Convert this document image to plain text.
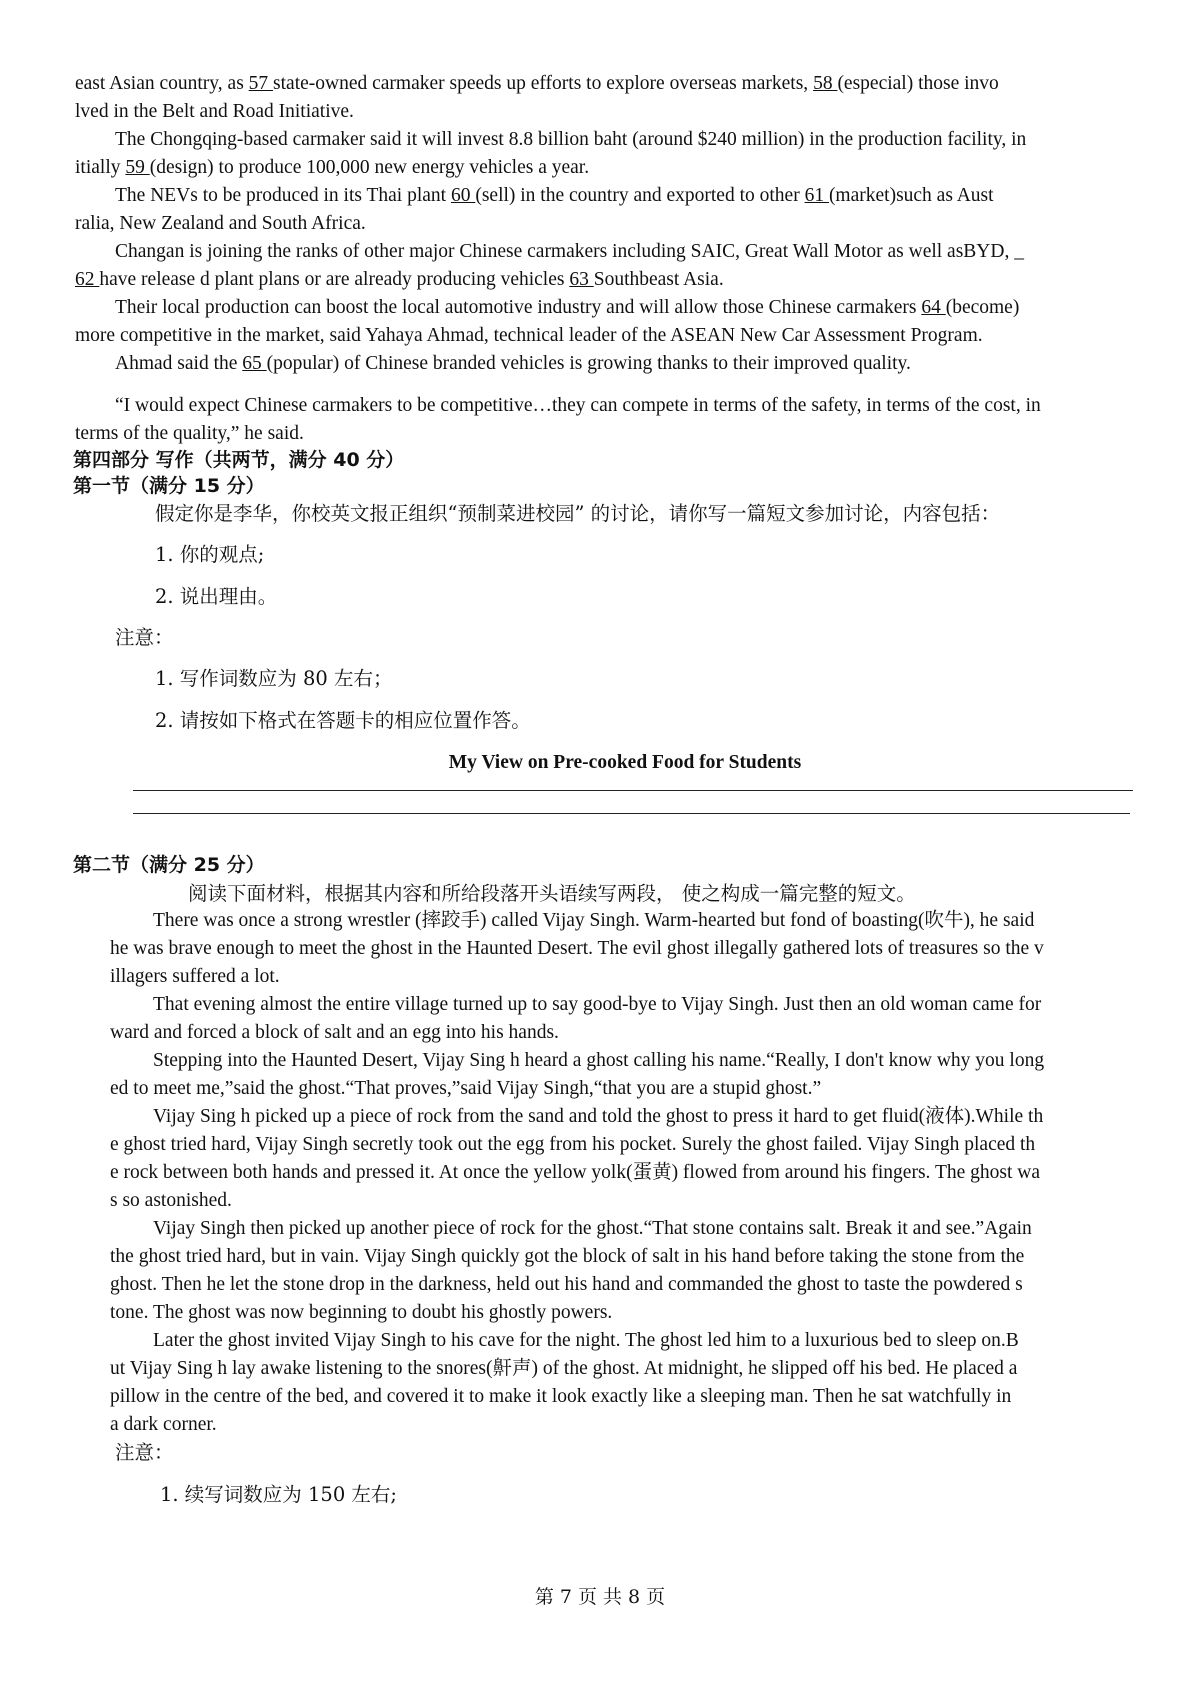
east Asian country, as 57 state-owned carmaker speeds up efforts to explore overseas markets, 58 (especial) those invo
lved in the Belt and Road Initiative.
The Chongqing-based carmaker said it will invest 8.8 billion baht (around $240 million) in the production facility, in
itially 59 (design) to produce 100,000 new energy vehicles a year.
The NEVs to be produced in its Thai plant 60 (sell) in the country and exported to other 61 (market)such as Aust
ralia, New Zealand and South Africa.
Changan is joining the ranks of other major Chinese carmakers including SAIC, Great Wall Motor as well asBYD, _
62 have release d plant plans or are already producing vehicles 63 Southbeast Asia.
Their local production can boost the local automotive industry and will allow those Chinese carmakers 64 (become)
more competitive in the market, said Yahaya Ahmad, technical leader of the ASEAN New Car Assessment Program.
Ahmad said the 65 (popular) of Chinese branded vehicles is growing thanks to their improved quality.
“I would expect Chinese carmakers to be competitive…they can compete in terms of the safety, in terms of the cost, in
terms of the quality,” he said.
第四部分 写作（共两节，满分 40 分）
第一节（满分 15 分）
假定你是李华，你校英文报正组织“预制菜进校园” 的讨论，请你写一篇短文参加讨论，内容包括：
1. 你的观点;
2. 说出理由。
注意：
1. 写作词数应为 80 左右；
2. 请按如下格式在答题卡的相应位置作答。
My View on Pre-cooked Food for Students
第二节（满分 25 分）
阅读下面材料，根据其内容和所给段落开头语续写两段， 使之构成一篇完整的短文。
There was once a strong wrestler (摔跤手) called Vijay Singh. Warm-hearted but fond of boasting(吹牛), he said
he was brave enough to meet the ghost in the Haunted Desert. The evil ghost illegally gathered lots of treasures so the v
illagers suffered a lot.
That evening almost the entire village turned up to say good-bye to Vijay Singh. Just then an old woman came for
ward and forced a block of salt and an egg into his hands.
Stepping into the Haunted Desert, Vijay Sing h heard a ghost calling his name.“Really, I don't know why you long
ed to meet me,”said the ghost.“That proves,”said Vijay Singh,“that you are a stupid ghost.”
Vijay Sing h picked up a piece of rock from the sand and told the ghost to press it hard to get fluid(液体).While th
e ghost tried hard, Vijay Singh secretly took out the egg from his pocket. Surely the ghost failed. Vijay Singh placed th
e rock between both hands and pressed it. At once the yellow yolk(蛋黄) flowed from around his fingers. The ghost wa
s so astonished.
Vijay Singh then picked up another piece of rock for the ghost.“That stone contains salt. Break it and see.”Again
the ghost tried hard, but in vain. Vijay Singh quickly got the block of salt in his hand before taking the stone from the
ghost. Then he let the stone drop in the darkness, held out his hand and commanded the ghost to taste the powdered s
tone. The ghost was now beginning to doubt his ghostly powers.
Later the ghost invited Vijay Singh to his cave for the night. The ghost led him to a luxurious bed to sleep on.B
ut Vijay Sing h lay awake listening to the snores(鼾声) of the ghost. At midnight, he slipped off his bed. He placed a
pillow in the centre of the bed, and covered it to make it look exactly like a sleeping man. Then he sat watchfully in
a dark corner.
注意：
1. 续写词数应为 150 左右;
第 7 页 共 8 页
